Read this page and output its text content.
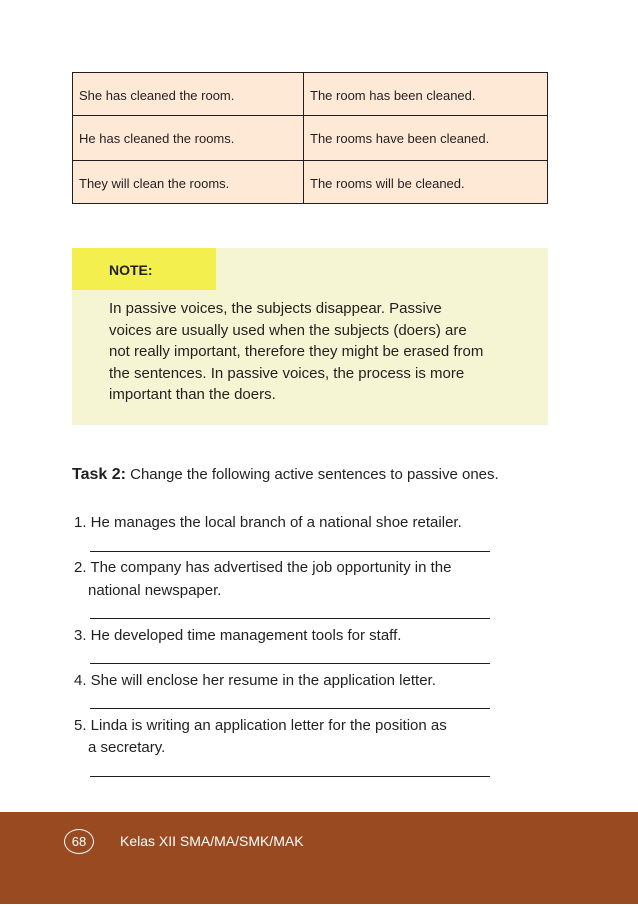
She has cleaned the room.	The room has been cleaned.
He has cleaned the rooms.	The rooms have been cleaned.
They will clean the rooms.	The rooms will be cleaned.
NOTE:
In passive voices, the subjects disappear. Passive
voices are usually used when the subjects (doers) are
not really important, therefore they might be erased from
the sentences. In passive voices, the process is more
important than the doers.
Task 2: Change the following active sentences to passive ones.
1. He manages the local branch of a national shoe retailer.
2. The company has advertised the job opportunity in the
national newspaper.
3. He developed time management tools for staff.
4. She will enclose her resume in the application letter.
5. Linda is writing an application letter for the position as
a secretary.
68	Kelas XII SMA/MA/SMK/MAK
